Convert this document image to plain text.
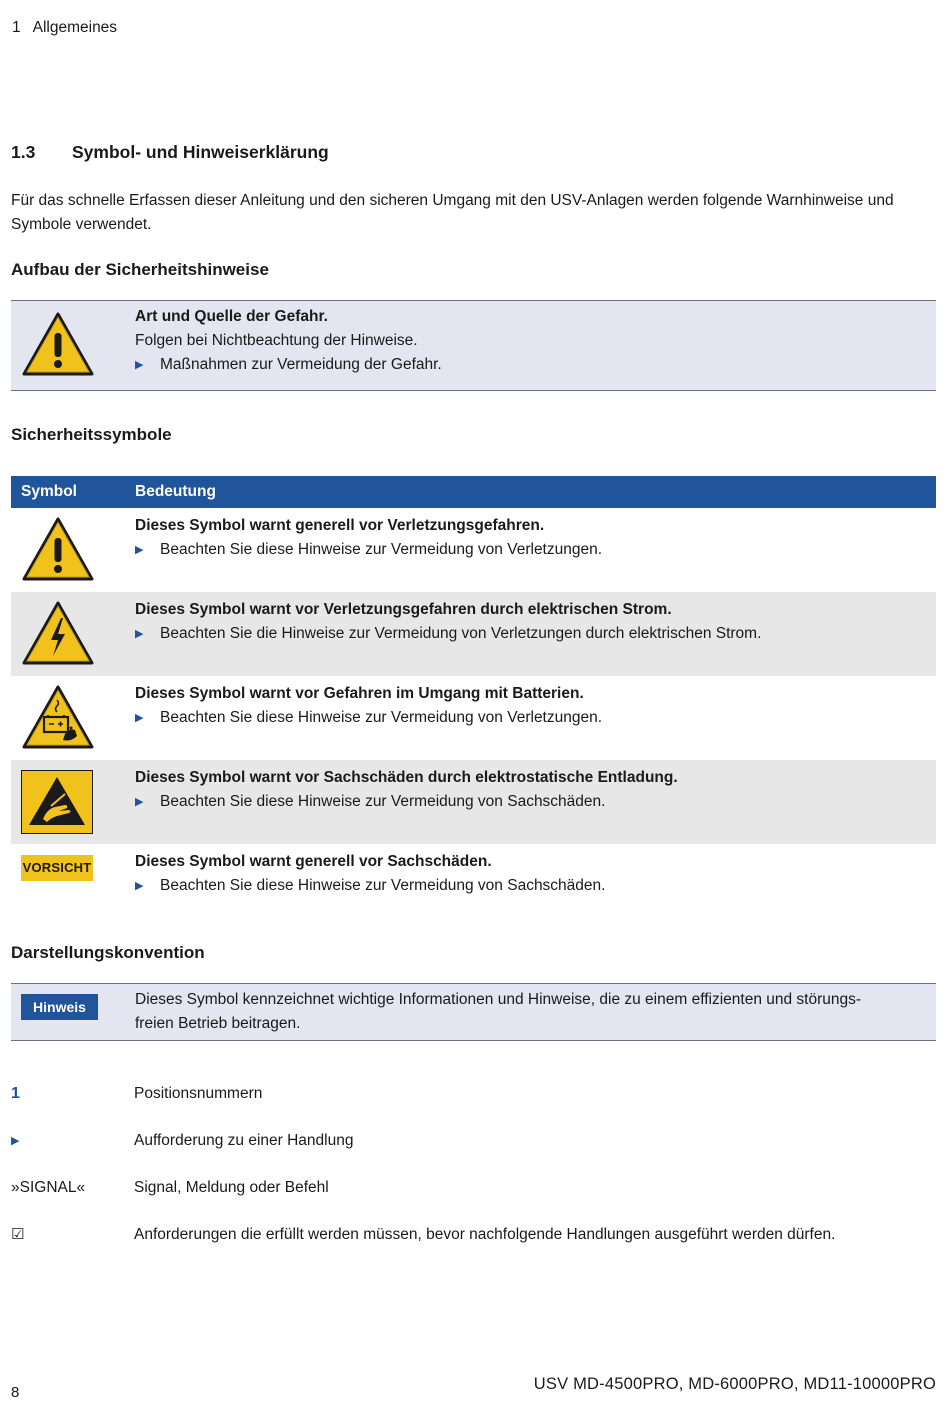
1 Allgemeines
1.3 Symbol- und Hinweiserklärung
Für das schnelle Erfassen dieser Anleitung und den sicheren Umgang mit den USV-Anlagen werden folgende Warnhinweise und Symbole verwendet.
Aufbau der Sicherheitshinweise
Art und Quelle der Gefahr.
Folgen bei Nichtbeachtung der Hinweise.
▶ Maßnahmen zur Vermeidung der Gefahr.
Sicherheitssymbole
Symbol	Bedeutung
Dieses Symbol warnt generell vor Verletzungsgefahren.
▶ Beachten Sie diese Hinweise zur Vermeidung von Verletzungen.
Dieses Symbol warnt vor Verletzungsgefahren durch elektrischen Strom.
▶ Beachten Sie die Hinweise zur Vermeidung von Verletzungen durch elektrischen Strom.
Dieses Symbol warnt vor Gefahren im Umgang mit Batterien.
▶ Beachten Sie diese Hinweise zur Vermeidung von Verletzungen.
Dieses Symbol warnt vor Sachschäden durch elektrostatische Entladung.
▶ Beachten Sie diese Hinweise zur Vermeidung von Sachschäden.
VORSICHT	Dieses Symbol warnt generell vor Sachschäden.
▶ Beachten Sie diese Hinweise zur Vermeidung von Sachschäden.
Darstellungskonvention
Hinweis	Dieses Symbol kennzeichnet wichtige Informationen und Hinweise, die zu einem effizienten und störungs-
freien Betrieb beitragen.
1	Positionsnummern
▶	Aufforderung zu einer Handlung
»SIGNAL«	Signal, Meldung oder Befehl
☑	Anforderungen die erfüllt werden müssen, bevor nachfolgende Handlungen ausgeführt werden dürfen.
8	USV MD-4500PRO, MD-6000PRO, MD11-10000PRO
